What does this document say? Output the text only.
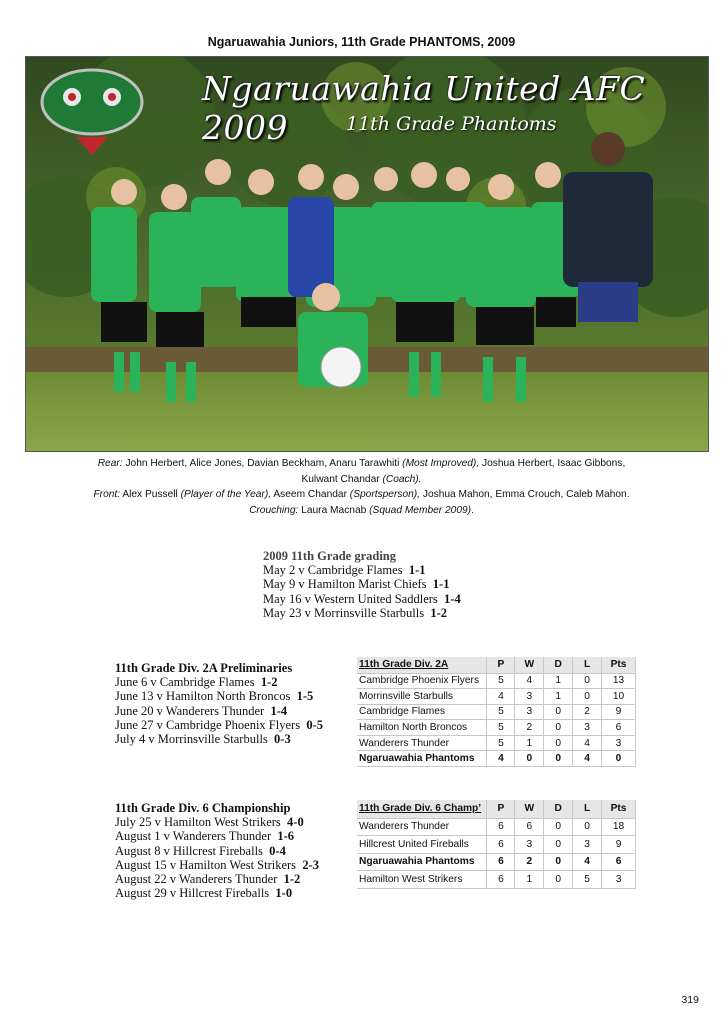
Ngaruawahia Juniors, 11th Grade PHANTOMS, 2009
Ngaruawahia United AFC 2009	11th Grade Phantoms
Rear: John Herbert, Alice Jones, Davian Beckham, Anaru Tarawhiti (Most Improved), Joshua Herbert, Isaac Gibbons,
Kulwant Chandar (Coach).
Front: Alex Pussell (Player of the Year), Aseem Chandar (Sportsperson), Joshua Mahon, Emma Crouch, Caleb Mahon.
Crouching: Laura Macnab (Squad Member 2009).
2009 11th Grade grading
May 2 v Cambridge Flames 1-1
May 9 v Hamilton Marist Chiefs 1-1
May 16 v Western United Saddlers 1-4
May 23 v Morrinsville Starbulls 1-2
11th Grade Div. 2A Preliminaries
June 6 v Cambridge Flames 1-2
June 13 v Hamilton North Broncos 1-5
June 20 v Wanderers Thunder 1-4
June 27 v Cambridge Phoenix Flyers 0-5
July 4 v Morrinsville Starbulls 0-3
11th Grade Div. 2A	P	W	D	L	Pts
Cambridge Phoenix Flyers	5	4	1	0	13
Morrinsville Starbulls	4	3	1	0	10
Cambridge Flames	5	3	0	2	9
Hamilton North Broncos	5	2	0	3	6
Wanderers Thunder	5	1	0	4	3
Ngaruawahia Phantoms	4	0	0	4	0
11th Grade Div. 6 Championship
July 25 v Hamilton West Strikers 4-0
August 1 v Wanderers Thunder 1-6
August 8 v Hillcrest Fireballs 0-4
August 15 v Hamilton West Strikers 2-3
August 22 v Wanderers Thunder 1-2
August 29 v Hillcrest Fireballs 1-0
11th Grade Div. 6 Champ’	P	W	D	L	Pts
Wanderers Thunder	6	6	0	0	18
Hillcrest United Fireballs	6	3	0	3	9
Ngaruawahia Phantoms	6	2	0	4	6
Hamilton West Strikers	6	1	0	5	3
319
